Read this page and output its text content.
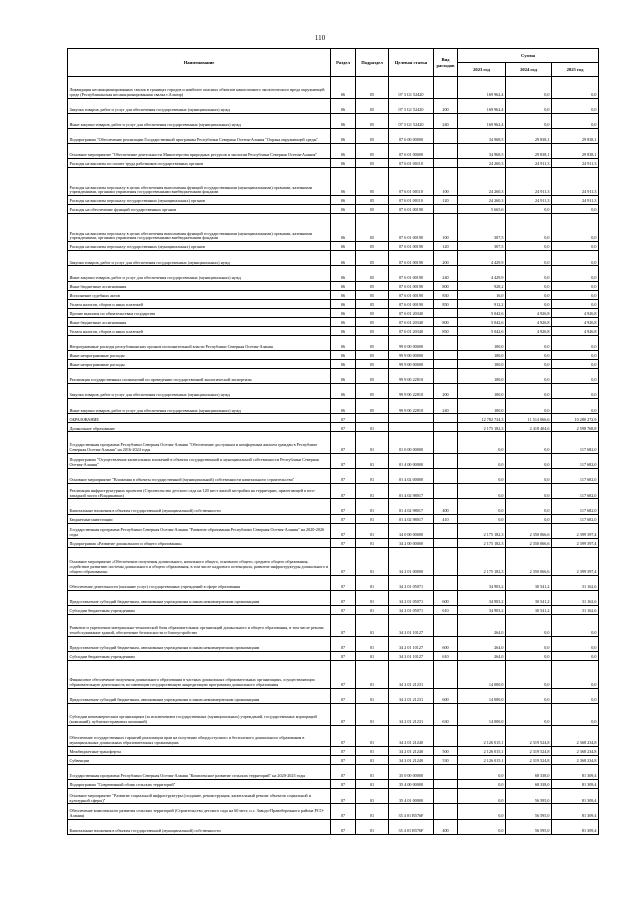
110
Наименование	Раздел	Подраздел	Целевая статья	Вид расходов	Сумма		
					2023 год	2024 год	2025 год
Ликвидация несанкционированных свалок в границах городов и наиболее опасных объектов накопленного экологического вреда окружающей среде (Республиканская несанкционированная свалка г.Алагир)	06	05	07 3 G1 52420		169 962,4	0,0	0,0
Закупка товаров, работ и услуг для обеспечения государственных (муниципальных) нужд	06	05	07 3 G1 52420	200	169 962,4	0,0	0,0
Иные закупки товаров, работ и услуг для обеспечения государственных (муниципальных) нужд	06	05	07 3 G1 52420	240	169 962,4	0,0	0,0
Подпрограмма "Обеспечение реализации Государственной программы Республики Северная Осетия-Алания "Охрана окружающей среды"	06	05	07 6 00 00000		34 968,5	29 838,1	29 838,1
Основное мероприятие "Обеспечение деятельности Министерства природных ресурсов и экологии Республики Северная Осетия-Алания"	06	05	07 6 01 00000		34 968,5	29 838,1	29 838,1
Расходы на выплаты по оплате труда работников государственных органов	06	05	07 6 01 00110		24 260,3	24 911,3	24 911,3
Расходы на выплаты персоналу в целях обеспечения выполнения функций государственными (муниципальными) органами, казенными учреждениями, органами управления государственными внебюджетными фондами	06	05	07 6 01 00110	100	24 260,3	24 911,3	24 911,3
Расходы на выплаты персоналу государственных (муниципальных) органов	06	05	07 6 01 00110	120	24 260,3	24 911,3	24 911,3
Расходы на обеспечение функций государственных органов	06	05	07 6 01 00190		5 665,6	0,0	0,0
Расходы на выплаты персоналу в целях обеспечения выполнения функций государственными (муниципальными) органами, казенными учреждениями, органами управления государственными внебюджетными фондами	06	05	07 6 01 00190	100	307,5	0,0	0,0
Расходы на выплаты персоналу государственных (муниципальных) органов	06	05	07 6 01 00190	120	307,5	0,0	0,0
Закупка товаров, работ и услуг для обеспечения государственных (муниципальных) нужд	06	05	07 6 01 00190	200	4 429,9	0,0	0,0
Иные закупки товаров, работ и услуг для обеспечения государственных (муниципальных) нужд	06	05	07 6 01 00190	240	4 429,9	0,0	0,0
Иные бюджетные ассигнования	06	05	07 6 01 00190	800	928,2	0,0	0,0
Исполнение судебных актов	06	05	07 6 01 00190	830	16,0	0,0	0,0
Уплата налогов, сборов и иных платежей	06	05	07 6 01 00190	850	912,2	0,0	0,0
Прочие выплаты по обязательствам государства	06	05	07 6 01 20340		5 042,6	4 926,8	4 926,8
Иные бюджетные ассигнования	06	05	07 6 01 20340	800	5 042,6	4 926,8	4 926,8
Уплата налогов, сборов и иных платежей	06	05	07 6 01 20340	850	5 042,6	4 926,8	4 926,8
Непрограммные расходы республиканских органов исполнительной власти Республики Северная Осетия-Алания	06	05	99 0 00 00000		100,0	0,0	0,0
Иные непрограммные расходы	06	05	99 9 00 00000		100,0	0,0	0,0
Иные непрограммные расходы	06	05	99 9 00 00000		100,0	0,0	0,0
Реализация государственных полномочий по проведению государственной экологической экспертизы	06	05	99 9 00 22810		100,0	0,0	0,0
Закупка товаров, работ и услуг для обеспечения государственных (муниципальных) нужд	06	05	99 9 00 22810	200	100,0	0,0	0,0
Иные закупки товаров, работ и услуг для обеспечения государственных (муниципальных) нужд	06	05	99 9 00 22810	240	100,0	0,0	0,0
ОБРАЗОВАНИЕ	07				12 782 734,3	11 514 066,6	10 280 272,9
Дошкольное образование	07	01			2 175 182,3	2 418 404,6	2 598 768,8
Государственная программа Республики Северная Осетия-Алания "Обеспечение доступным и комфортным жильем граждан в Республике Северная Осетия-Алания" на 2016-2024 годы	07	01	01 0 00 00000		0,0	0,0	117 682,0
Подпрограмма "Осуществление капитальных вложений в объекты государственной и муниципальной собственности Республики Северная Осетия-Алания"	07	01	01 4 00 00000		0,0	0,0	117 682,0
Основное мероприятие "Вложения в объекты государственной (муниципальной) собственности капитального строительства"	07	01	01 4 02 00000		0,0	0,0	117 682,0
Реализация инфраструктурных проектов (Строительство детского сада на 120 мест жилой застройки на территории, прилегающей к юго-западной части г.Владикавказ)	07	01	01 4 02 98017		0,0	0,0	117 682,0
Капитальные вложения в объекты государственной (муниципальной) собственности	07	01	01 4 02 98017	400	0,0	0,0	117 682,0
Бюджетные инвестиции	07	01	01 4 02 98017	410	0,0	0,0	117 682,0
Государственная программа Республики Северная Осетия-Алания "Развитие образования Республики Северная Осетия-Алания" на 2020-2026 годы	07	01	34 0 00 00000		2 175 182,3	2 350 066,6	2 399 397,4
Подпрограмма «Развитие дошкольного и общего образования»	07	01	34 2 00 00000		2 175 182,3	2 350 066,6	2 399 397,4
Основное мероприятие «Обеспечение получения дошкольного, начального общего, основного общего, среднего общего образования, содействие развитию системы дошкольного и общего образования, в том числе кадрового потенциала, развитие инфраструктуры дошкольного и общего образования»	07	01	34 2 01 00000		2 175 182,3	2 350 066,6	2 399 397,4
Обеспечение деятельности (оказание услуг) государственных учреждений в сфере образования	07	01	34 2 01 05071		34 903,2	30 541,2	31 162,6
Предоставление субсидий бюджетным, автономным учреждениям и иным некоммерческим организациям	07	01	34 2 01 05071	600	34 903,2	30 541,2	31 162,6
Субсидии бюджетным учреждениям	07	01	34 2 01 05071	610	34 903,2	30 541,2	31 162,6
Развитие и укрепление материально-технической базы образовательных организаций дошкольного и общего образования, в том числе ремонт, техобслуживание зданий, обеспечение безопасности и благоустройство	07	01	34 2 01 10127		264,0	0,0	0,0
Предоставление субсидий бюджетным, автономным учреждениям и иным некоммерческим организациям	07	01	34 2 01 10127	600	264,0	0,0	0,0
Субсидии бюджетным учреждениям	07	01	34 2 01 10127	610	264,0	0,0	0,0
Финансовое обеспечение получения дошкольного образования в частных дошкольных образовательных организациях, осуществляющих образовательную деятельность по имеющим государственную аккредитацию программам дошкольного образования	07	01	34 2 01 21231		14 000,0	0,0	0,0
Предоставление субсидий бюджетным, автономным учреждениям и иным некоммерческим организациям	07	01	34 2 01 21231	600	14 000,0	0,0	0,0
Субсидии некоммерческим организациям (за исключением государственных (муниципальных) учреждений, государственных корпораций (компаний), публично-правовых компаний)	07	01	34 2 01 21231	630	14 000,0	0,0	0,0
Обеспечение государственных гарантий реализации прав на получение общедоступного и бесплатного дошкольного образования в муниципальных дошкольных образовательных организациях	07	01	34 2 01 21240		2 126 015,1	2 319 524,8	2 368 234,8
Межбюджетные трансферты	07	01	34 2 01 21240	500	2 126 015,1	2 319 524,8	2 368 234,8
Субвенции	07	01	34 2 01 21240	530	2 126 015,1	2 319 524,8	2 368 234,8
Государственная программа Республики Северная Осетия-Алания "Комплексное развитие сельских территорий" на 2020-2025 годы	07	01	35 0 00 00000		0,0	68 338,0	81 309,4
Подпрограмма "Современный облик сельских территорий"	07	01	35 4 00 00000		0,0	68 338,0	81 309,4
Основное мероприятие "Развитие социальной инфраструктуры (создание, реконструкция, капитальный ремонт объектов социальной и культурной сферы)"	07	01	35 4 01 00000		0,0	56 595,0	81 309,4
Обеспечение комплексного развития сельских территорий (Строительство детского сада на 60 мест, п.с. Заводо-Правобережного района РСО-Алания)	07	01	35 4 01 R576F		0,0	56 595,0	81 309,4
Капитальные вложения в объекты государственной (муниципальной) собственности	07	01	35 4 01 R576F	400	0,0	56 595,0	81 309,4
